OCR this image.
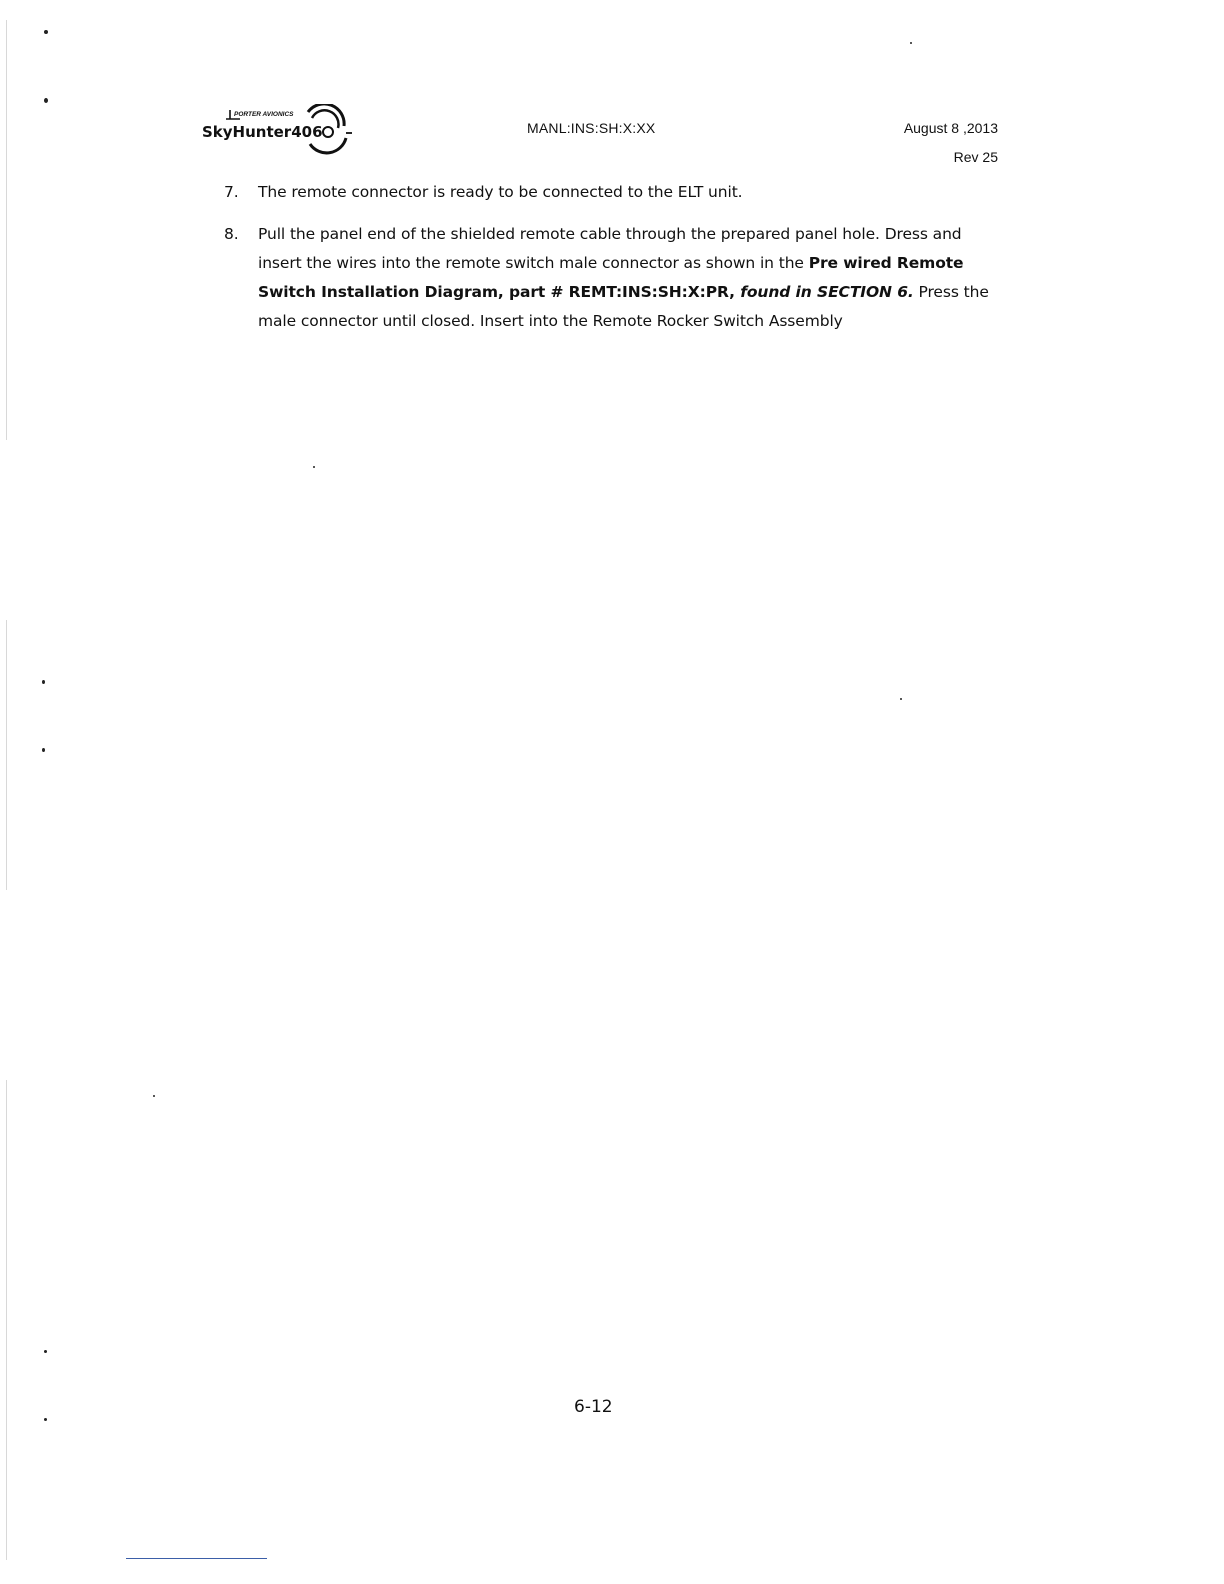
PORTER AVIONICS
SkyHunter406	MANL:INS:SH:X:XX	August 8 ,2013
Rev 25
7.	The remote connector is ready to be connected to the ELT unit.
8.	Pull the panel end of the shielded remote cable through the prepared panel hole. Dress and insert the wires into the remote switch male connector as shown in the Pre wired Remote Switch Installation Diagram, part # REMT:INS:SH:X:PR, found in SECTION 6. Press the male connector until closed. Insert into the Remote Rocker Switch Assembly
6-12
